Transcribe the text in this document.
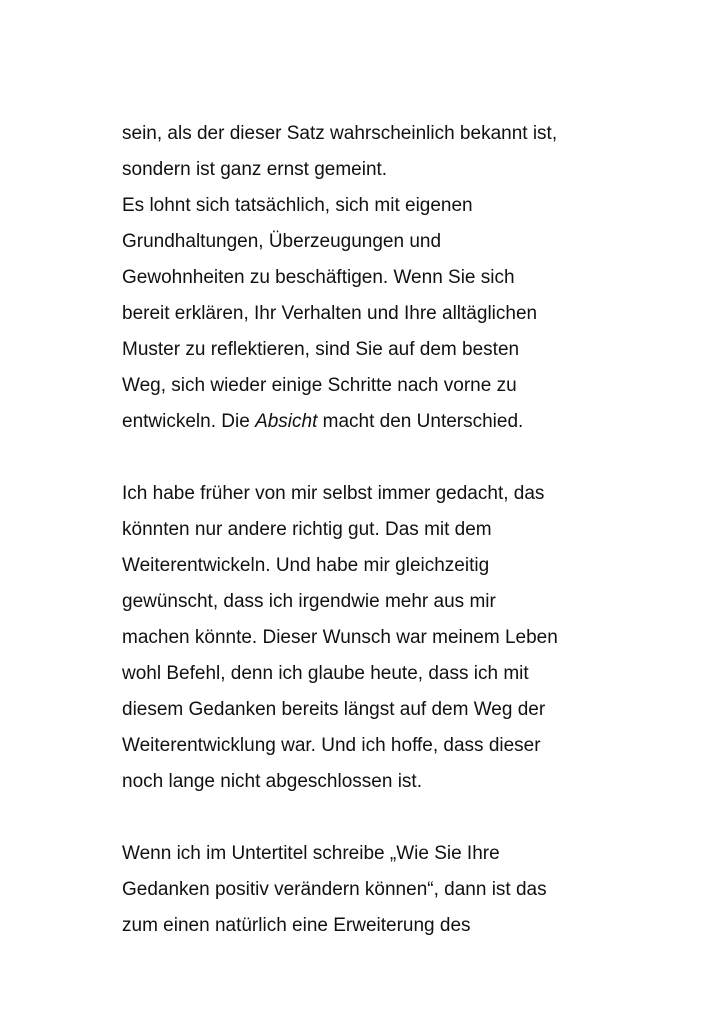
sein, als der dieser Satz wahrscheinlich bekannt ist,
sondern ist ganz ernst gemeint.
Es lohnt sich tatsächlich, sich mit eigenen
Grundhaltungen, Überzeugungen und
Gewohnheiten zu beschäftigen. Wenn Sie sich
bereit erklären, Ihr Verhalten und Ihre alltäglichen
Muster zu reflektieren, sind Sie auf dem besten
Weg, sich wieder einige Schritte nach vorne zu
entwickeln. Die Absicht macht den Unterschied.
Ich habe früher von mir selbst immer gedacht, das
könnten nur andere richtig gut. Das mit dem
Weiterentwickeln. Und habe mir gleichzeitig
gewünscht, dass ich irgendwie mehr aus mir
machen könnte. Dieser Wunsch war meinem Leben
wohl Befehl, denn ich glaube heute, dass ich mit
diesem Gedanken bereits längst auf dem Weg der
Weiterentwicklung war. Und ich hoffe, dass dieser
noch lange nicht abgeschlossen ist.
Wenn ich im Untertitel schreibe „Wie Sie Ihre
Gedanken positiv verändern können“, dann ist das
zum einen natürlich eine Erweiterung des
